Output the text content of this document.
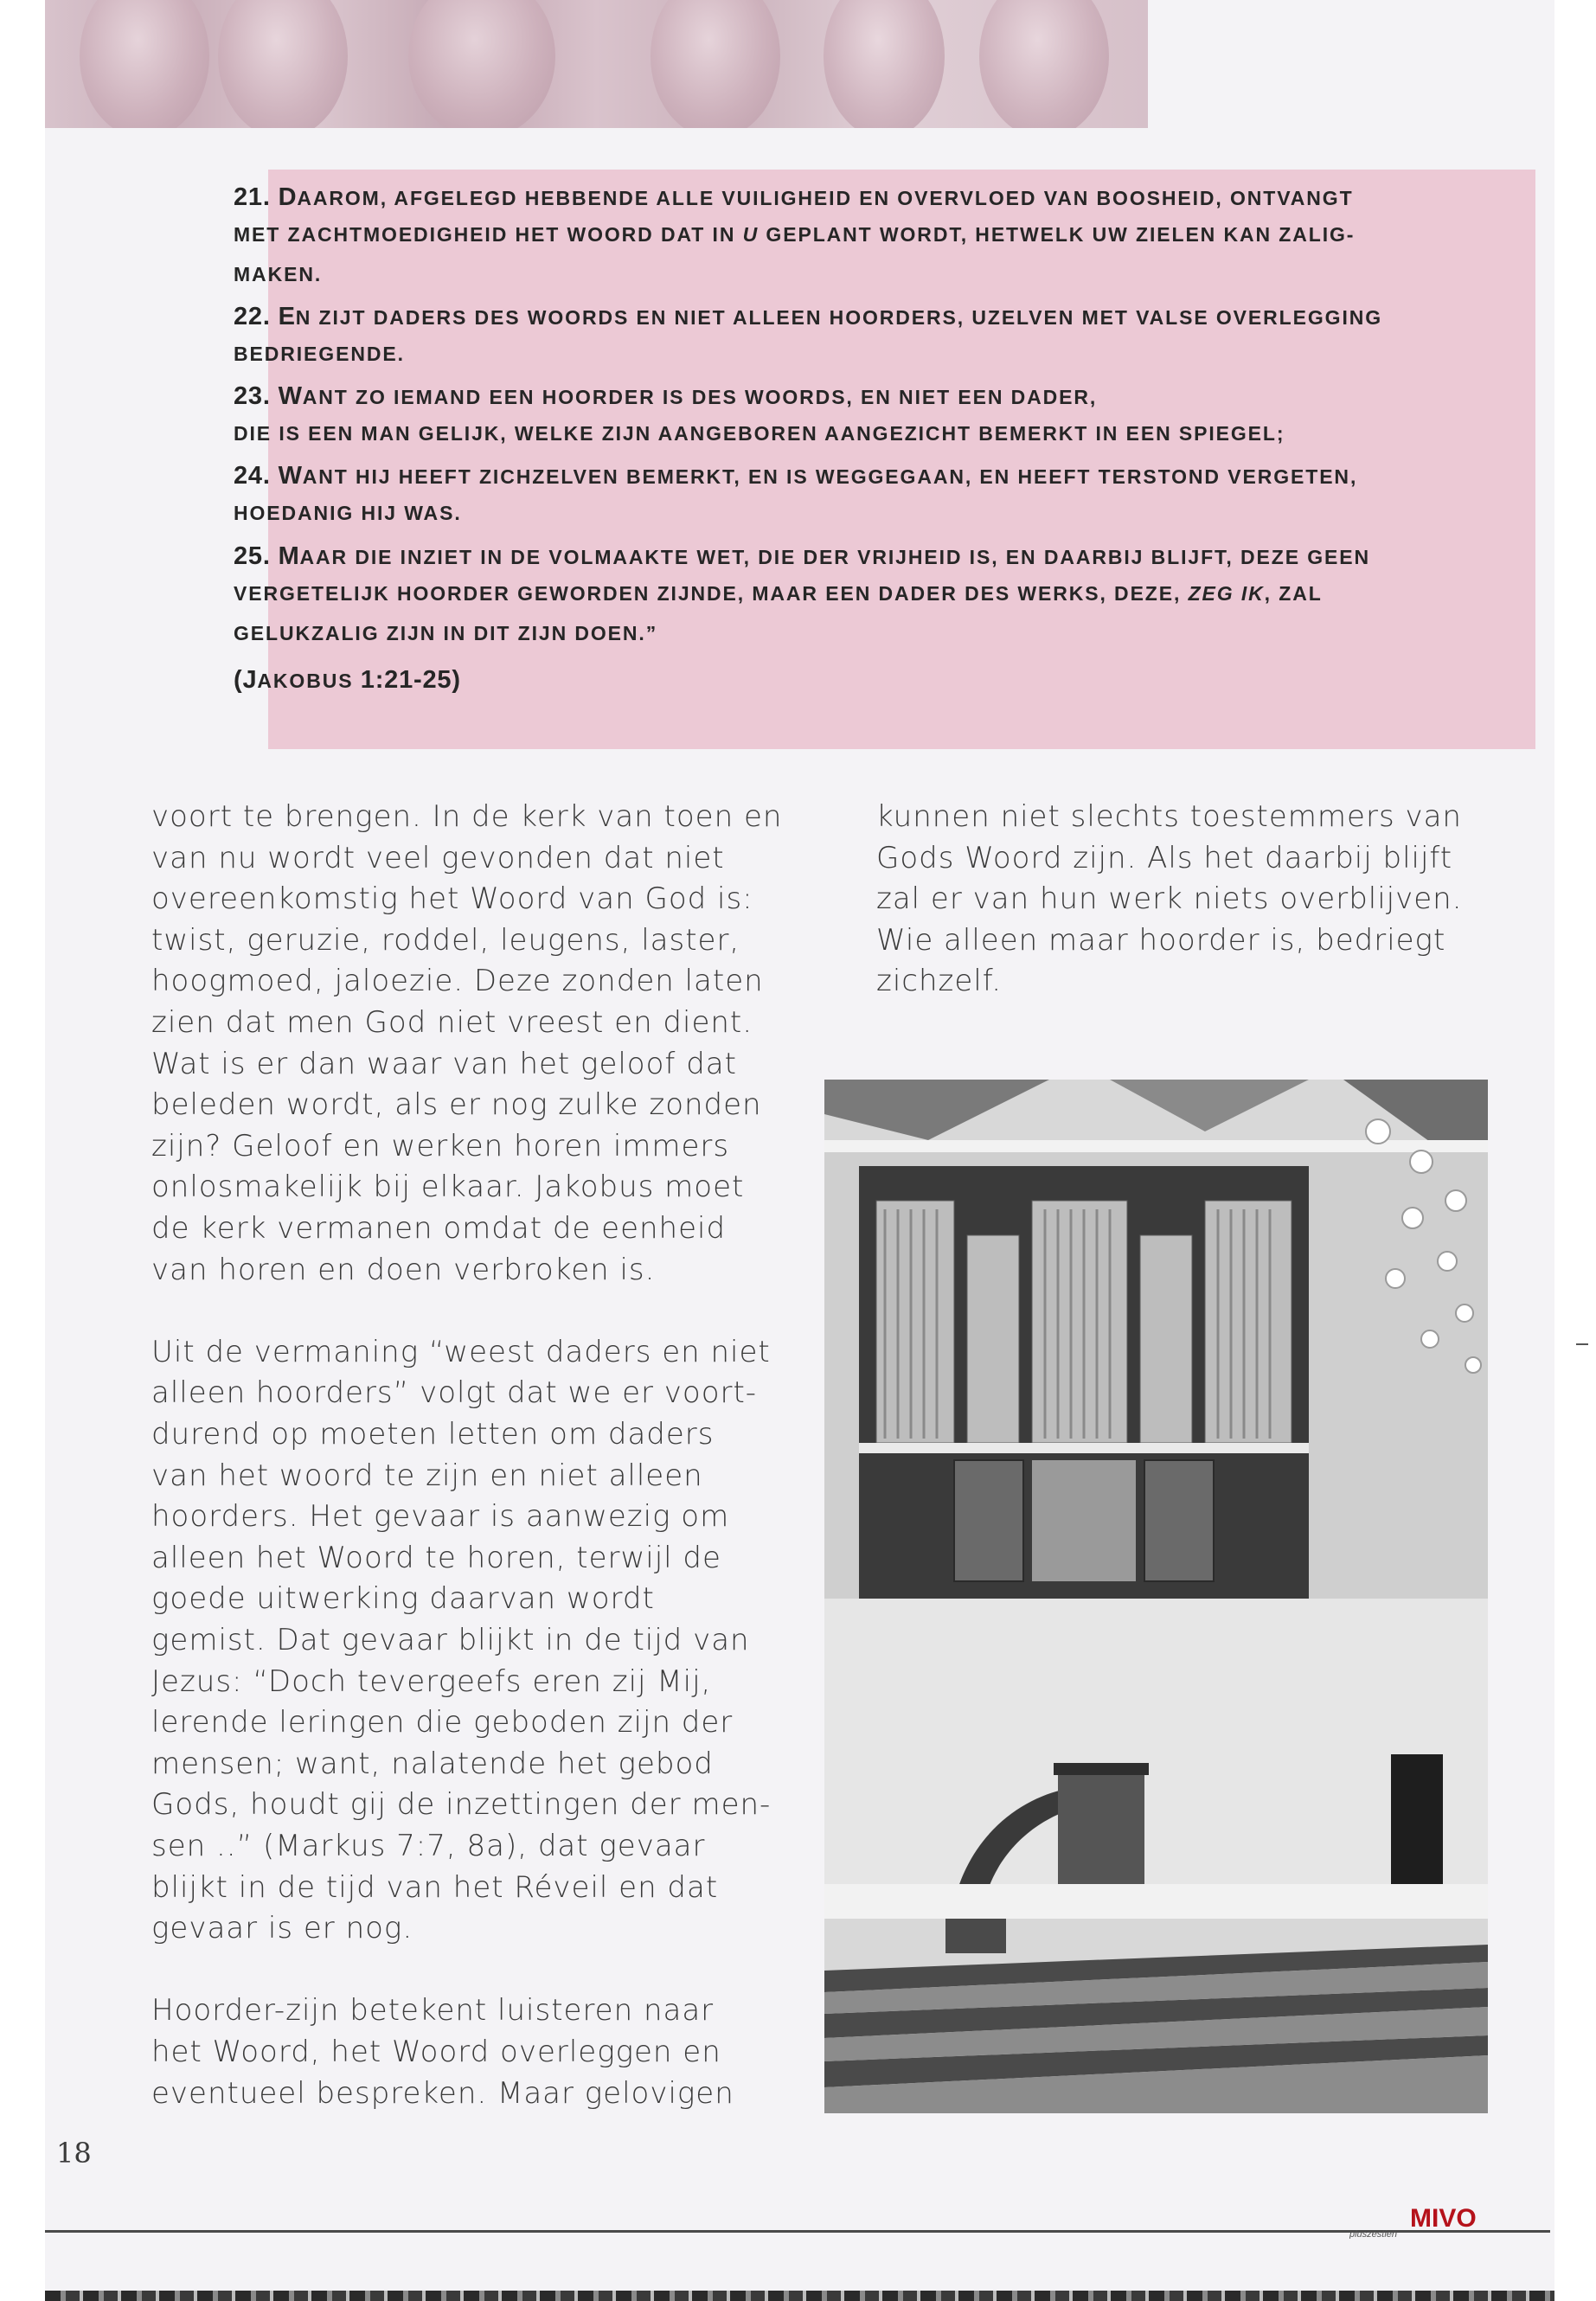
21. DAAROM, AFGELEGD HEBBENDE ALLE VUILIGHEID EN OVERVLOED VAN BOOSHEID, ONTVANGT
MET ZACHTMOEDIGHEID HET WOORD DAT IN U GEPLANT WORDT, HETWELK UW ZIELEN KAN ZALIG-
MAKEN.
22. EN ZIJT DADERS DES WOORDS EN NIET ALLEEN HOORDERS, UZELVEN MET VALSE OVERLEGGING
BEDRIEGENDE.
23. WANT ZO IEMAND EEN HOORDER IS DES WOORDS, EN NIET EEN DADER,
DIE IS EEN MAN GELIJK, WELKE ZIJN AANGEBOREN AANGEZICHT BEMERKT IN EEN SPIEGEL;
24. WANT HIJ HEEFT ZICHZELVEN BEMERKT, EN IS WEGGEGAAN, EN HEEFT TERSTOND VERGETEN,
HOEDANIG HIJ WAS.
25. MAAR DIE INZIET IN DE VOLMAAKTE WET, DIE DER VRIJHEID IS, EN DAARBIJ BLIJFT, DEZE GEEN
VERGETELIJK HOORDER GEWORDEN ZIJNDE, MAAR EEN DADER DES WERKS, DEZE, ZEG IK, ZAL
GELUKZALIG ZIJN IN DIT ZIJN DOEN.”
(JAKOBUS 1:21-25)
voort te brengen. In de kerk van toen en
van nu wordt veel gevonden dat niet
overeenkomstig het Woord van God is:
twist, geruzie, roddel, leugens, laster,
hoogmoed, jaloezie. Deze zonden laten
zien dat men God niet vreest en dient.
Wat is er dan waar van het geloof dat
beleden wordt, als er nog zulke zonden
zijn? Geloof en werken horen immers
onlosmakelijk bij elkaar. Jakobus moet
de kerk vermanen omdat de eenheid
van horen en doen verbroken is.
Uit de vermaning “weest daders en niet
alleen hoorders” volgt dat we er voort-
durend op moeten letten om daders
van het woord te zijn en niet alleen
hoorders. Het gevaar is aanwezig om
alleen het Woord te horen, terwijl de
goede uitwerking daarvan wordt
gemist. Dat gevaar blijkt in de tijd van
Jezus: “Doch tevergeefs eren zij Mij,
lerende leringen die geboden zijn der
mensen; want, nalatende het gebod
Gods, houdt gij de inzettingen der men-
sen ..” (Markus 7:7, 8a), dat gevaar
blijkt in de tijd van het Réveil en dat
gevaar is er nog.
Hoorder-zijn betekent luisteren naar
het Woord, het Woord overleggen en
eventueel bespreken. Maar gelovigen
kunnen niet slechts toestemmers van
Gods Woord zijn. Als het daarbij blijft
zal er van hun werk niets overblijven.
Wie alleen maar hoorder is, bedriegt
zichzelf.
18
MIVO
pluszestien
